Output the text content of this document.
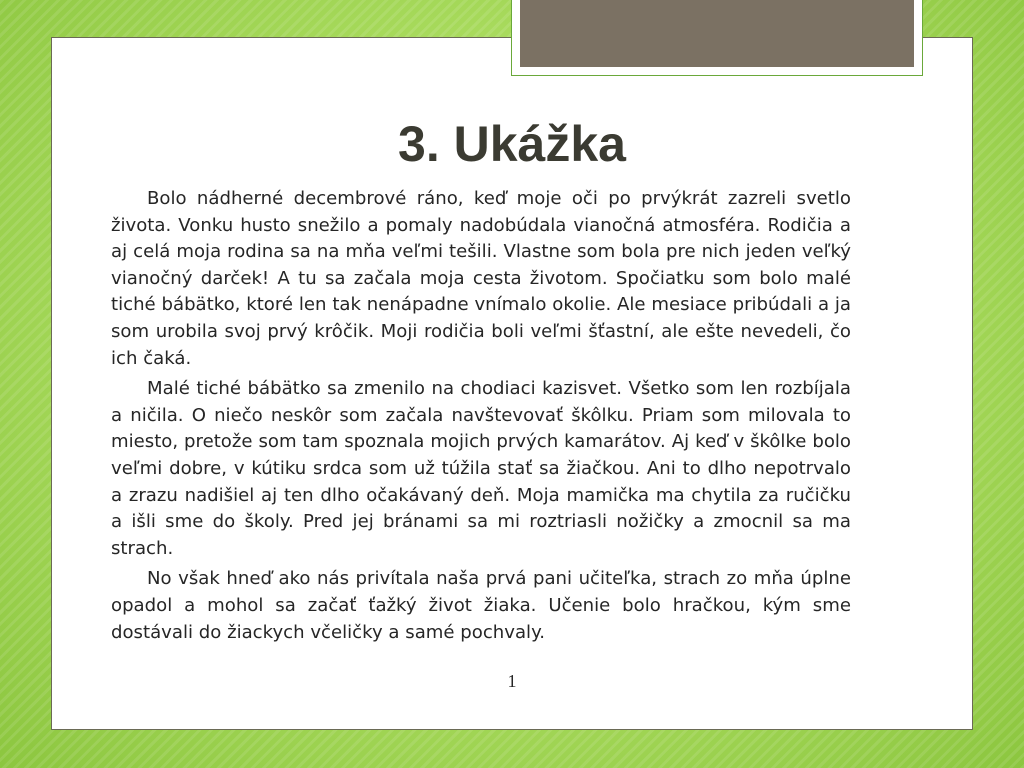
3. Ukážka

Bolo nádherné decembrové ráno, keď moje oči po prvýkrát zazreli svetlo života. Vonku husto snežilo a pomaly nadobúdala vianočná atmosféra. Rodičia a aj celá moja rodina sa na mňa veľmi tešili. Vlastne som bola pre nich jeden veľký vianočný darček! A tu sa začala moja cesta životom. Spočiatku som bolo malé tiché bábätko, ktoré len tak nenápadne vnímalo okolie. Ale mesiace pribúdali a ja som urobila svoj prvý krôčik. Moji rodičia boli veľmi šťastní, ale ešte nevedeli, čo ich čaká.

Malé tiché bábätko sa zmenilo na chodiaci kazisvet. Všetko som len rozbíjala a ničila. O niečo neskôr som začala navštevovať škôlku. Priam som milovala to miesto, pretože som tam spoznala mojich prvých kamarátov. Aj keď v škôlke bolo veľmi dobre, v kútiku srdca som už túžila stať sa žiačkou. Ani to dlho nepotrvalo a zrazu nadišiel aj ten dlho očakávaný deň. Moja mamička ma chytila za ručičku a išli sme do školy. Pred jej bránami sa mi roztriasli nožičky a zmocnil sa ma strach.

No však hneď ako nás privítala naša prvá pani učiteľka, strach zo mňa úplne opadol a mohol sa začať ťažký život žiaka. Učenie bolo hračkou, kým sme dostávali do žiackych včeličky a samé pochvaly.

1
